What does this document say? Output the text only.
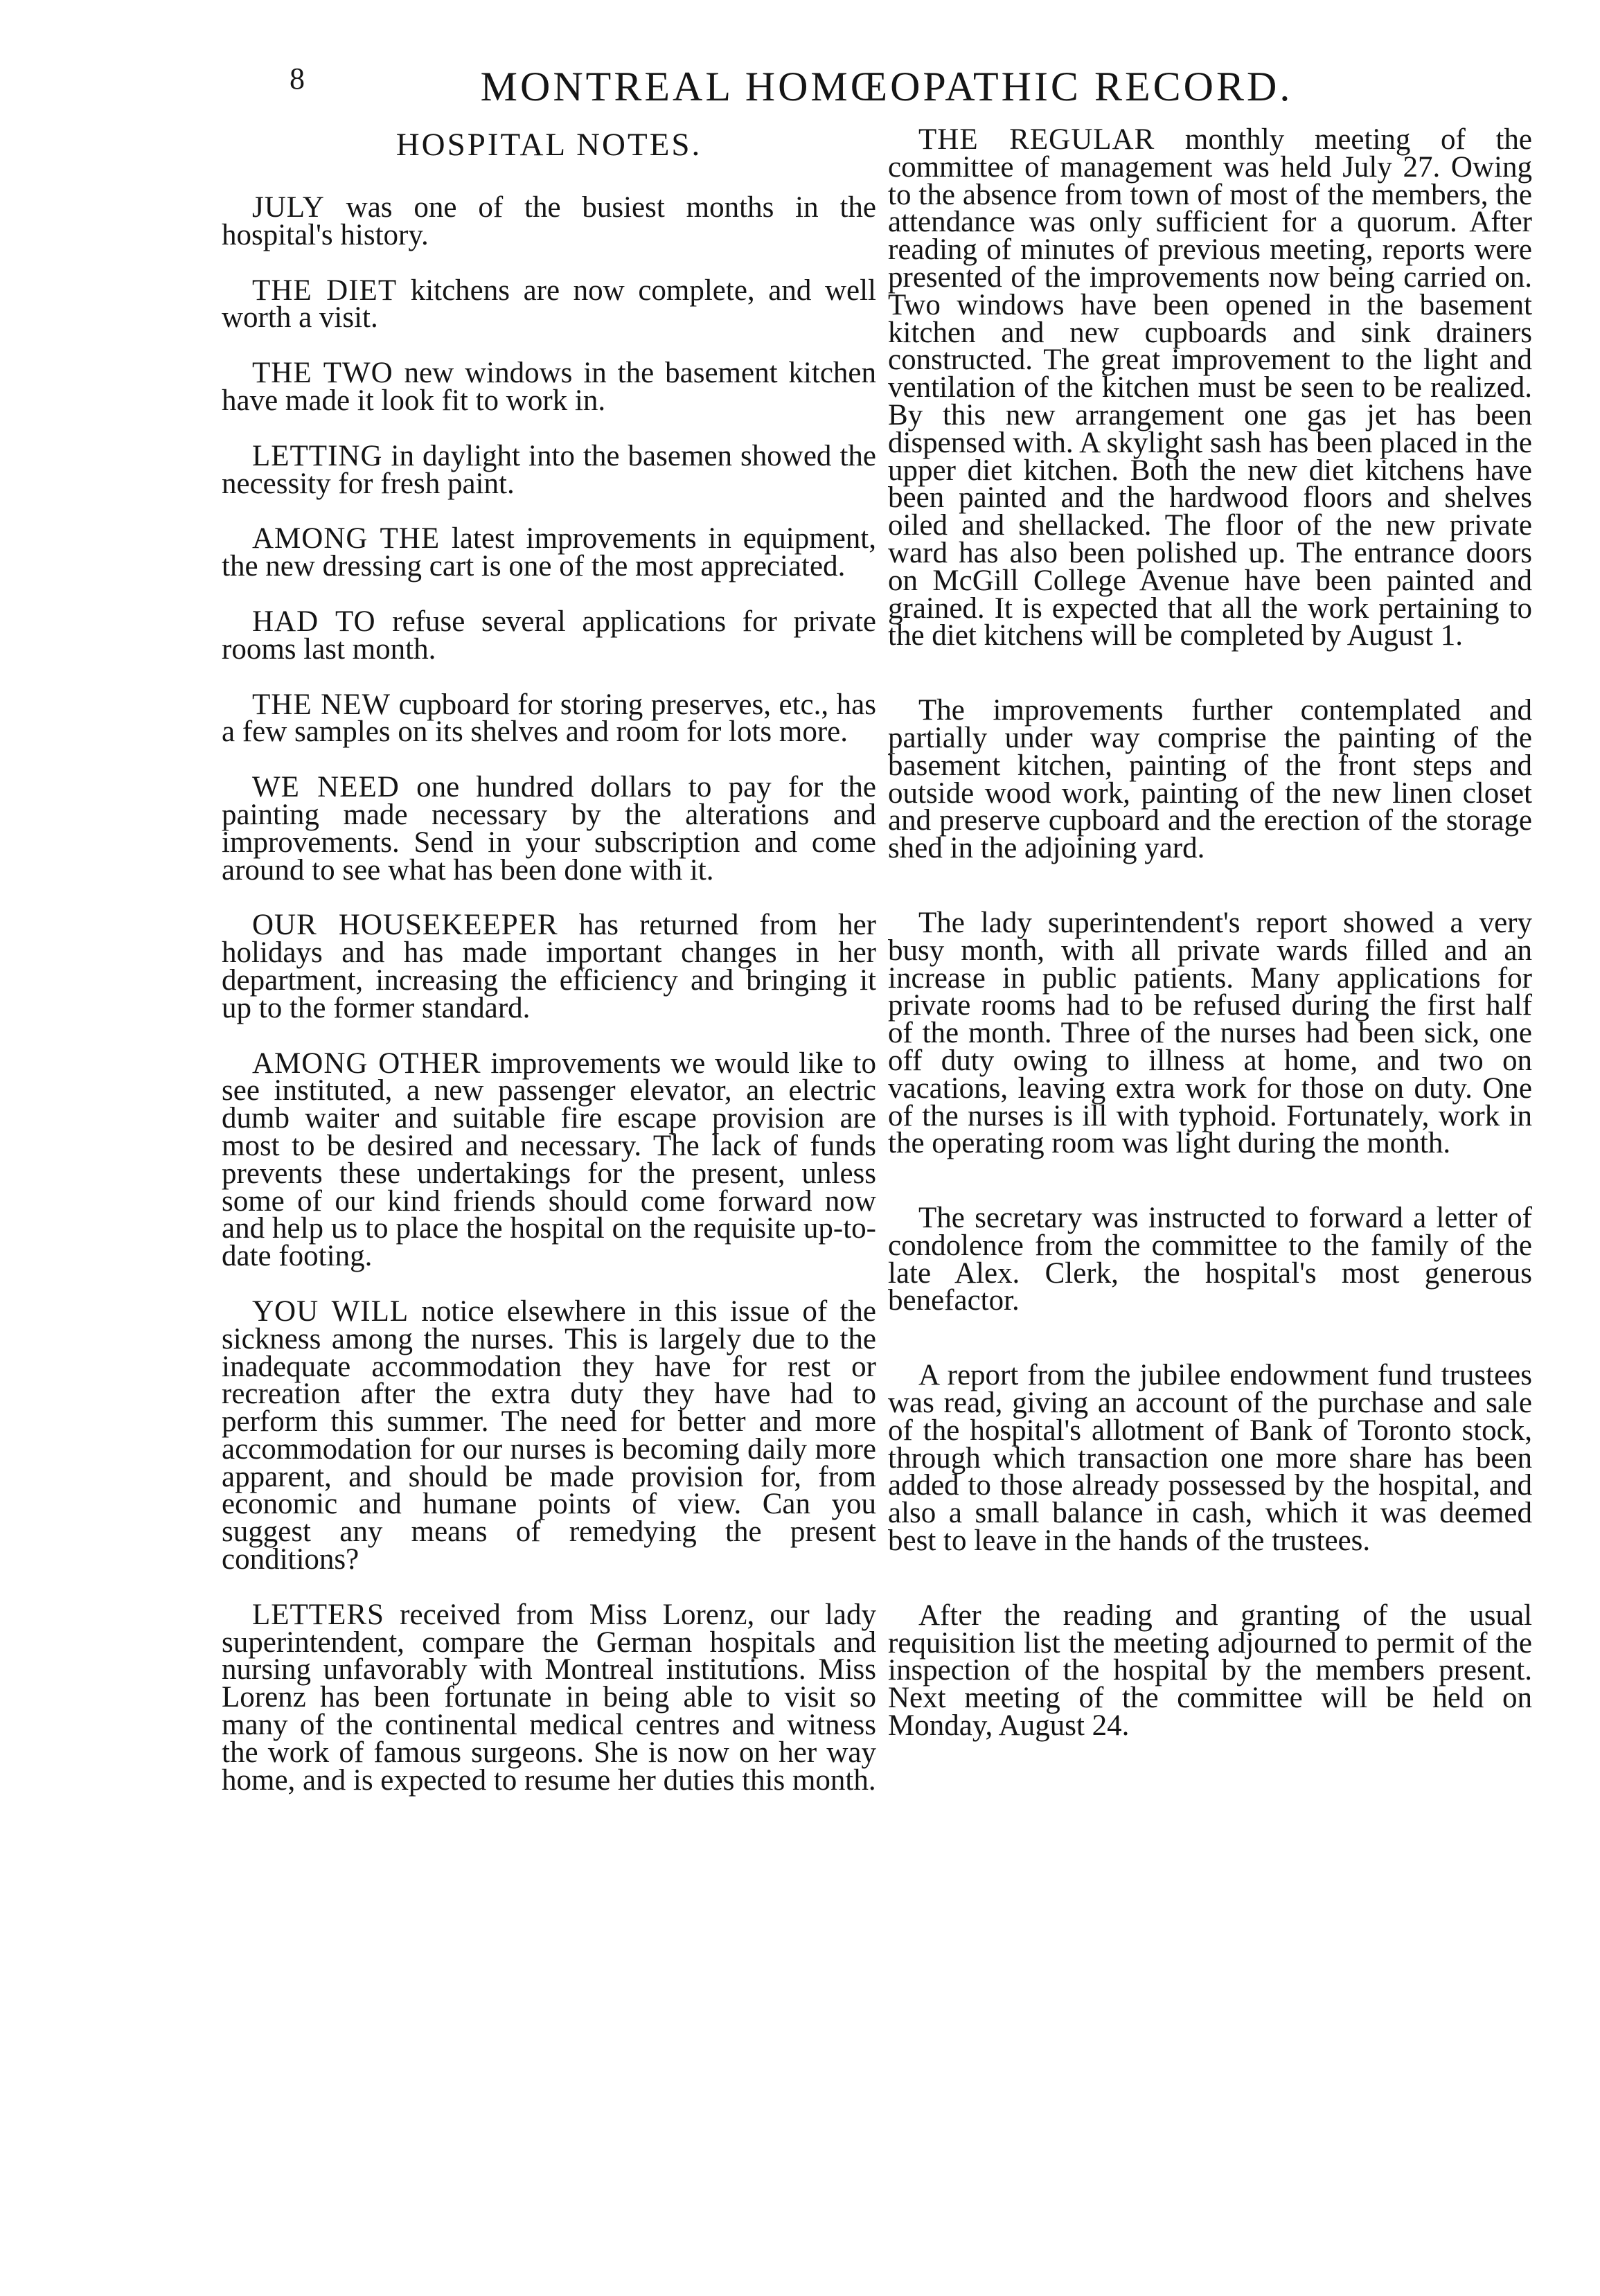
8	MONTREAL HOMŒOPATHIC RECORD.
HOSPITAL NOTES.

JULY was one of the busiest months in the hospital's history.

THE DIET kitchens are now complete, and well worth a visit.

THE TWO new windows in the basement kitchen have made it look fit to work in.

LETTING in daylight into the basemen showed the necessity for fresh paint.

AMONG THE latest improvements in equipment, the new dressing cart is one of the most appreciated.

HAD TO refuse several applications for private rooms last month.

THE NEW cupboard for storing preserves, etc., has a few samples on its shelves and room for lots more.

WE NEED one hundred dollars to pay for the painting made necessary by the alterations and improvements. Send in your subscription and come around to see what has been done with it.

OUR HOUSEKEEPER has returned from her holidays and has made important changes in her department, increasing the efficiency and bringing it up to the former standard.

AMONG OTHER improvements we would like to see instituted, a new passenger elevator, an electric dumb waiter and suitable fire escape provision are most to be desired and necessary. The lack of funds prevents these undertakings for the present, unless some of our kind friends should come forward now and help us to place the hospital on the requisite up-to-date footing.

YOU WILL notice elsewhere in this issue of the sickness among the nurses. This is largely due to the inadequate accommodation they have for rest or recreation after the extra duty they have had to perform this summer. The need for better and more accommodation for our nurses is becoming daily more apparent, and should be made provision for, from economic and humane points of view. Can you suggest any means of remedying the present conditions?

LETTERS received from Miss Lorenz, our lady superintendent, compare the German hospitals and nursing unfavorably with Montreal institutions. Miss Lorenz has been fortunate in being able to visit so many of the continental medical centres and witness the work of famous surgeons. She is now on her way home, and is expected to resume her duties this month.

THE REGULAR monthly meeting of the committee of management was held July 27. Owing to the absence from town of most of the members, the attendance was only sufficient for a quorum. After reading of minutes of previous meeting, reports were presented of the improvements now being carried on. Two windows have been opened in the basement kitchen and new cupboards and sink drainers constructed. The great improvement to the light and ventilation of the kitchen must be seen to be realized. By this new arrangement one gas jet has been dispensed with. A skylight sash has been placed in the upper diet kitchen. Both the new diet kitchens have been painted and the hardwood floors and shelves oiled and shellacked. The floor of the new private ward has also been polished up. The entrance doors on McGill College Avenue have been painted and grained. It is expected that all the work pertaining to the diet kitchens will be completed by August 1.

The improvements further contemplated and partially under way comprise the painting of the basement kitchen, painting of the front steps and outside wood work, painting of the new linen closet and preserve cupboard and the erection of the storage shed in the adjoining yard.

The lady superintendent's report showed a very busy month, with all private wards filled and an increase in public patients. Many applications for private rooms had to be refused during the first half of the month. Three of the nurses had been sick, one off duty owing to illness at home, and two on vacations, leaving extra work for those on duty. One of the nurses is ill with typhoid. Fortunately, work in the operating room was light during the month.

The secretary was instructed to forward a letter of condolence from the committee to the family of the late Alex. Clerk, the hospital's most generous benefactor.

A report from the jubilee endowment fund trustees was read, giving an account of the purchase and sale of the hospital's allotment of Bank of Toronto stock, through which transaction one more share has been added to those already possessed by the hospital, and also a small balance in cash, which it was deemed best to leave in the hands of the trustees.

After the reading and granting of the usual requisition list the meeting adjourned to permit of the inspection of the hospital by the members present. Next meeting of the committee will be held on Monday, August 24.
